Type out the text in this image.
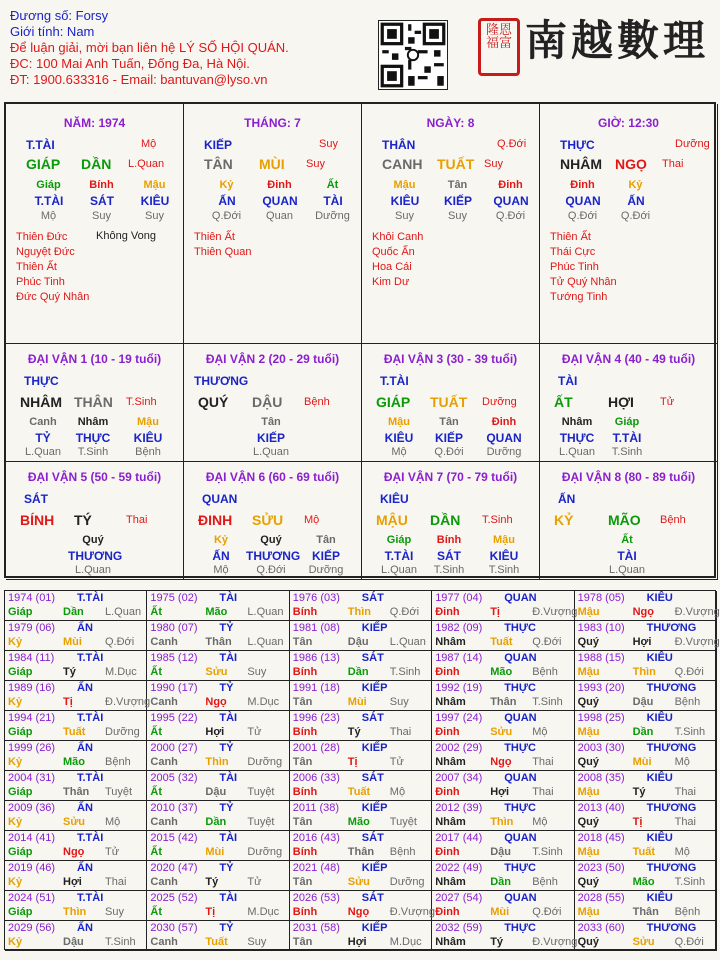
Đương số: Forsy
Giới tính: Nam
Để luận giải, mời bạn liên hệ LÝ SỐ HỘI QUÁN.
ĐC: 100 Mai Anh Tuấn, Đống Đa, Hà Nội.
ĐT: 1900.633316 - Email: bantuvan@lyso.vn
隆恩 福富 南越數理
NĂM: 1974
T.TÀI	Mộ
GIÁP DẦN L.Quan
Giáp	Bính	Mậu
T.TÀI	SÁT	KIÊU
Mộ	Suy	Suy
Thiên Đức
Nguyệt Đức
Thiên Ất
Phúc Tinh
Đức Quý Nhân
Không Vong
THÁNG: 7
KIẾP	Suy
TÂN MÙI Suy
Kỷ	Đinh	Ất
ẤN	QUAN	TÀI
Q.Đới	Quan	Dưỡng
Thiên Ất
Thiên Quan
NGÀY: 8
THÂN	Q.Đới
CANH TUẤT Suy
Mậu	Tân	Đinh
KIÊU	KIẾP	QUAN
Suy	Suy	Q.Đới
Khôi Canh
Quốc Ấn
Hoa Cái
Kim Dư
GIỜ: 12:30
THỰC	Dưỡng
NHÂM NGỌ Thai
Đinh	Kỷ
QUAN	ẤN
Q.Đới	Q.Đới
Thiên Ất
Thái Cực
Phúc Tinh
Tử Quý Nhân
Tướng Tinh
ĐẠI VẬN 1 (10 - 19 tuổi)
THỰC
NHÂM THÂN T.Sinh
Canh	Nhâm	Mậu
TỶ	THỰC	KIÊU
L.Quan	T.Sinh	Bệnh
ĐẠI VẬN 2 (20 - 29 tuổi)
THƯƠNG
QUÝ DẬU Bệnh
Tân
KIẾP
L.Quan
ĐẠI VẬN 3 (30 - 39 tuổi)
T.TÀI
GIÁP TUẤT Dưỡng
Mậu	Tân	Đinh
KIÊU	KIẾP	QUAN
Mộ	Q.Đới	Dưỡng
ĐẠI VẬN 4 (40 - 49 tuổi)
TÀI
ẤT	HỢI Tử
Nhâm	Giáp
THỰC	T.TÀI
L.Quan	T.Sinh
ĐẠI VẬN 5 (50 - 59 tuổi)
SÁT
BÍNH TÝ	Thai
Quý
THƯƠNG
L.Quan
ĐẠI VẬN 6 (60 - 69 tuổi)
QUAN
ĐINH SỬU Mộ
Kỷ	Quý	Tân
ẤN	THƯƠNG KIẾP
Mộ	Q.Đới	Dưỡng
ĐẠI VẬN 7 (70 - 79 tuổi)
KIÊU
MẬU DẦN T.Sinh
Giáp	Bính	Mậu
T.TÀI	SÁT	KIÊU
L.Quan	T.Sinh	T.Sinh
ĐẠI VẬN 8 (80 - 89 tuổi)
ẤN
KỶ MÃO Bệnh
Ất
TÀI
L.Quan
1974 (01) T.TÀI
Giáp	Dần L.Quan
1975 (02) TÀI
Ất	Mão L.Quan
1976 (03) SÁT
Bính	Thìn Q.Đới
1977 (04) QUAN
Đinh	Tị	Đ.Vượng
1978 (05) KIÊU
Mậu	Ngọ Đ.Vượng
1979 (06) ẤN
Kỷ	Mùi Q.Đới
1980 (07) TỶ
Canh	Thân L.Quan
1981 (08) KIẾP
Tân	Dậu L.Quan
1982 (09) THỰC
Nhâm Tuất Q.Đới
1983 (10) THƯƠNG
Quý	Hợi Đ.Vượng
1984 (11) T.TÀI
Giáp	Tý	M.Dục
1985 (12) TÀI
Ất	Sửu Suy
1986 (13) SÁT
Bính	Dần T.Sinh
1987 (14) QUAN
Đinh	Mão Bệnh
1988 (15) KIÊU
Mậu	Thìn Q.Đới
1989 (16) ẤN
Kỷ	Tị	Đ.Vượng
1990 (17) TỶ
Canh	Ngọ M.Dục
1991 (18) KIẾP
Tân	Mùi Suy
1992 (19) THỰC
Nhâm Thân T.Sinh
1993 (20) THƯƠNG
Quý	Dậu Bệnh
1994 (21) T.TÀI
Giáp	Tuất Dưỡng
1995 (22) TÀI
Ất	Hợi Tử
1996 (23) SÁT
Bính	Tý	Thai
1997 (24) QUAN
Đinh	Sửu Mộ
1998 (25) KIÊU
Mậu	Dần T.Sinh
1999 (26) ẤN
Kỷ	Mão Bệnh
2000 (27) TỶ
Canh	Thìn Dưỡng
2001 (28) KIẾP
Tân	Tị	Tử
2002 (29) THỰC
Nhâm Ngọ Thai
2003 (30) THƯƠNG
Quý	Mùi Mộ
2004 (31) T.TÀI
Giáp	Thân Tuyệt
2005 (32) TÀI
Ất	Dậu Tuyệt
2006 (33) SÁT
Bính	Tuất Mộ
2007 (34) QUAN
Đinh	Hợi Thai
2008 (35) KIÊU
Mậu	Tý	Thai
2009 (36) ẤN
Kỷ	Sửu Mộ
2010 (37) TỶ
Canh	Dần Tuyệt
2011 (38) KIẾP
Tân	Mão Tuyệt
2012 (39) THỰC
Nhâm Thìn Mộ
2013 (40) THƯƠNG
Quý	Tị	Thai
2014 (41) T.TÀI
Giáp	Ngọ Tử
2015 (42) TÀI
Ất	Mùi Dưỡng
2016 (43) SÁT
Bính	Thân Bệnh
2017 (44) QUAN
Đinh	Dậu T.Sinh
2018 (45) KIÊU
Mậu	Tuất Mộ
2019 (46) ẤN
Kỷ	Hợi Thai
2020 (47) TỶ
Canh	Tý	Tử
2021 (48) KIẾP
Tân	Sửu Dưỡng
2022 (49) THỰC
Nhâm Dần Bệnh
2023 (50) THƯƠNG
Quý	Mão T.Sinh
2024 (51) T.TÀI
Giáp	Thìn Suy
2025 (52) TÀI
Ất	Tị	M.Dục
2026 (53) SÁT
Bính	Ngọ Đ.Vượng
2027 (54) QUAN
Đinh	Mùi Q.Đới
2028 (55) KIÊU
Mậu	Thân Bệnh
2029 (56) ẤN
Kỷ	Dậu T.Sinh
2030 (57) TỶ
Canh	Tuất Suy
2031 (58) KIẾP
Tân	Hợi M.Dục
2032 (59) THỰC
Nhâm Tý	Đ.Vượng
2033 (60) THƯƠNG
Quý	Sửu Q.Đới
